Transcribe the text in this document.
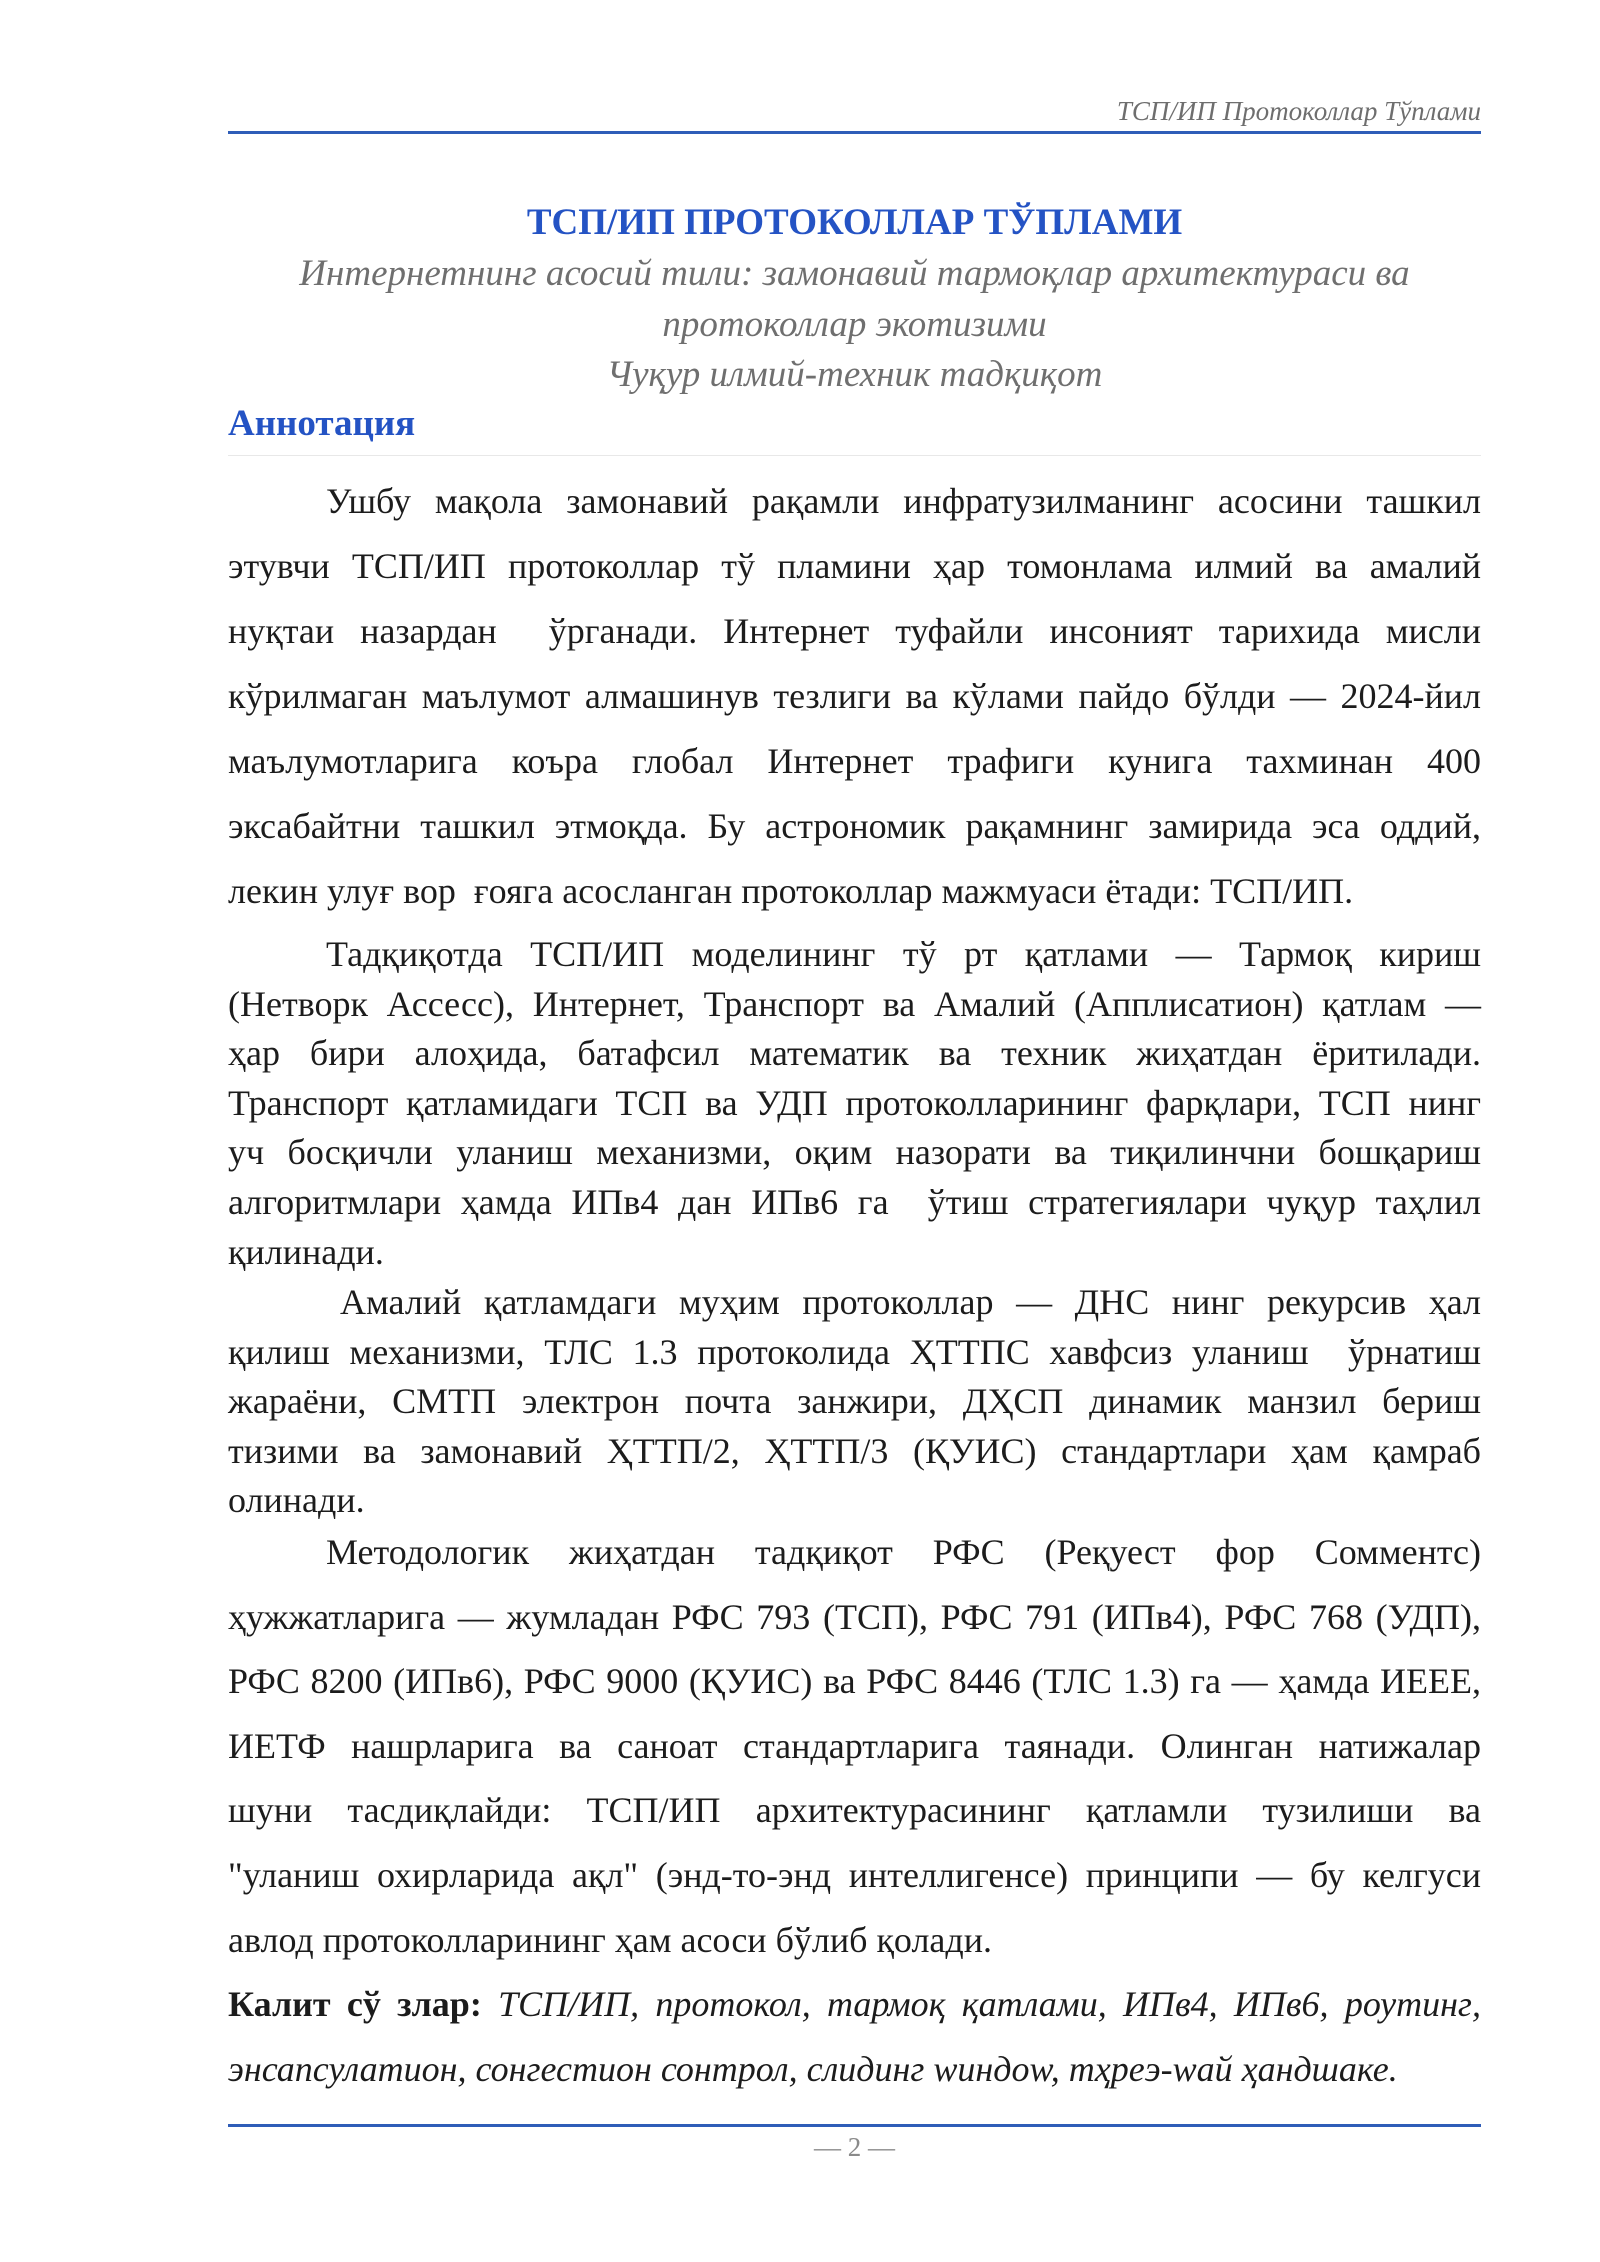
ТСП/ИП Протоколлар Тўплами
ТСП/ИП ПРОТОКОЛЛАР ТЎПЛАМИ
Интернетнинг асосий тили: замонавий тармоқлар архитектураси ва
протоколлар экотизими
Чуқур илмий-техник тадқиқот
Аннотация
Ушбу мақола замонавий рақамли инфратузилманинг асосини ташкил
этувчи ТСП/ИП протоколлар тў пламини ҳар томонлама илмий ва амалий
нуқтаи назардан  ўрганади. Интернет туфайли инсоният тарихида мисли
кўрилмаган маълумот алмашинув тезлиги ва кўлами пайдо бўлди — 2024-йил
маълумотларига коъра глобал Интернет трафиги кунига тахминан 400
эксабайтни ташкил этмоқда. Бу астрономик рақамнинг замирида эса оддий,
лекин улуғ вор  ғояга асосланган протоколлар мажмуаси ётади: ТСП/ИП.
Тадқиқотда ТСП/ИП моделининг тў рт қатлами — Тармоқ кириш
(Нетворк Ассесс), Интернет, Транспорт ва Амалий (Апплисатион) қатлам —
ҳар бири алоҳида, батафсил математик ва техник жиҳатдан ёритилади.
Транспорт қатламидаги ТСП ва УДП протоколларининг фарқлари, ТСП нинг
уч босқичли уланиш механизми, оқим назорати ва тиқилинчни бошқариш
алгоритмлари ҳамда ИПв4 дан ИПв6 га  ўтиш стратегиялари чуқур таҳлил
қилинади.
Амалий қатламдаги муҳим протоколлар — ДНС нинг рекурсив ҳал
қилиш механизми, ТЛС 1.3 протоколида ҲТТПС хавфсиз уланиш  ўрнатиш
жараёни, СМТП электрон почта занжири, ДҲСП динамик манзил бериш
тизими ва замонавий ҲТТП/2, ҲТТП/3 (ҚУИС) стандартлари ҳам қамраб
олинади.
Методологик жиҳатдан тадқиқот РФС (Реқуест фор Сомментс)
ҳужжатларига — жумладан РФС 793 (ТСП), РФС 791 (ИПв4), РФС 768 (УДП),
РФС 8200 (ИПв6), РФС 9000 (ҚУИС) ва РФС 8446 (ТЛС 1.3) га — ҳамда ИЕЕЕ,
ИЕТФ нашрларига ва саноат стандартларига таянади. Олинган натижалар
шуни тасдиқлайди: ТСП/ИП архитектурасининг қатламли тузилиши ва
"уланиш охирларида ақл" (энд-то-энд интеллигенсе) принципи — бу келгуси
авлод протоколларининг ҳам асоси бўлиб қолади.
Калит сў злар: ТСП/ИП, протокол, тармоқ қатлами, ИПв4, ИПв6, роутинг,
энсапсулатион, сонгестион сонтрол, слидинг wиндоw, тҳреэ-wай ҳандшаке.
— 2 —
